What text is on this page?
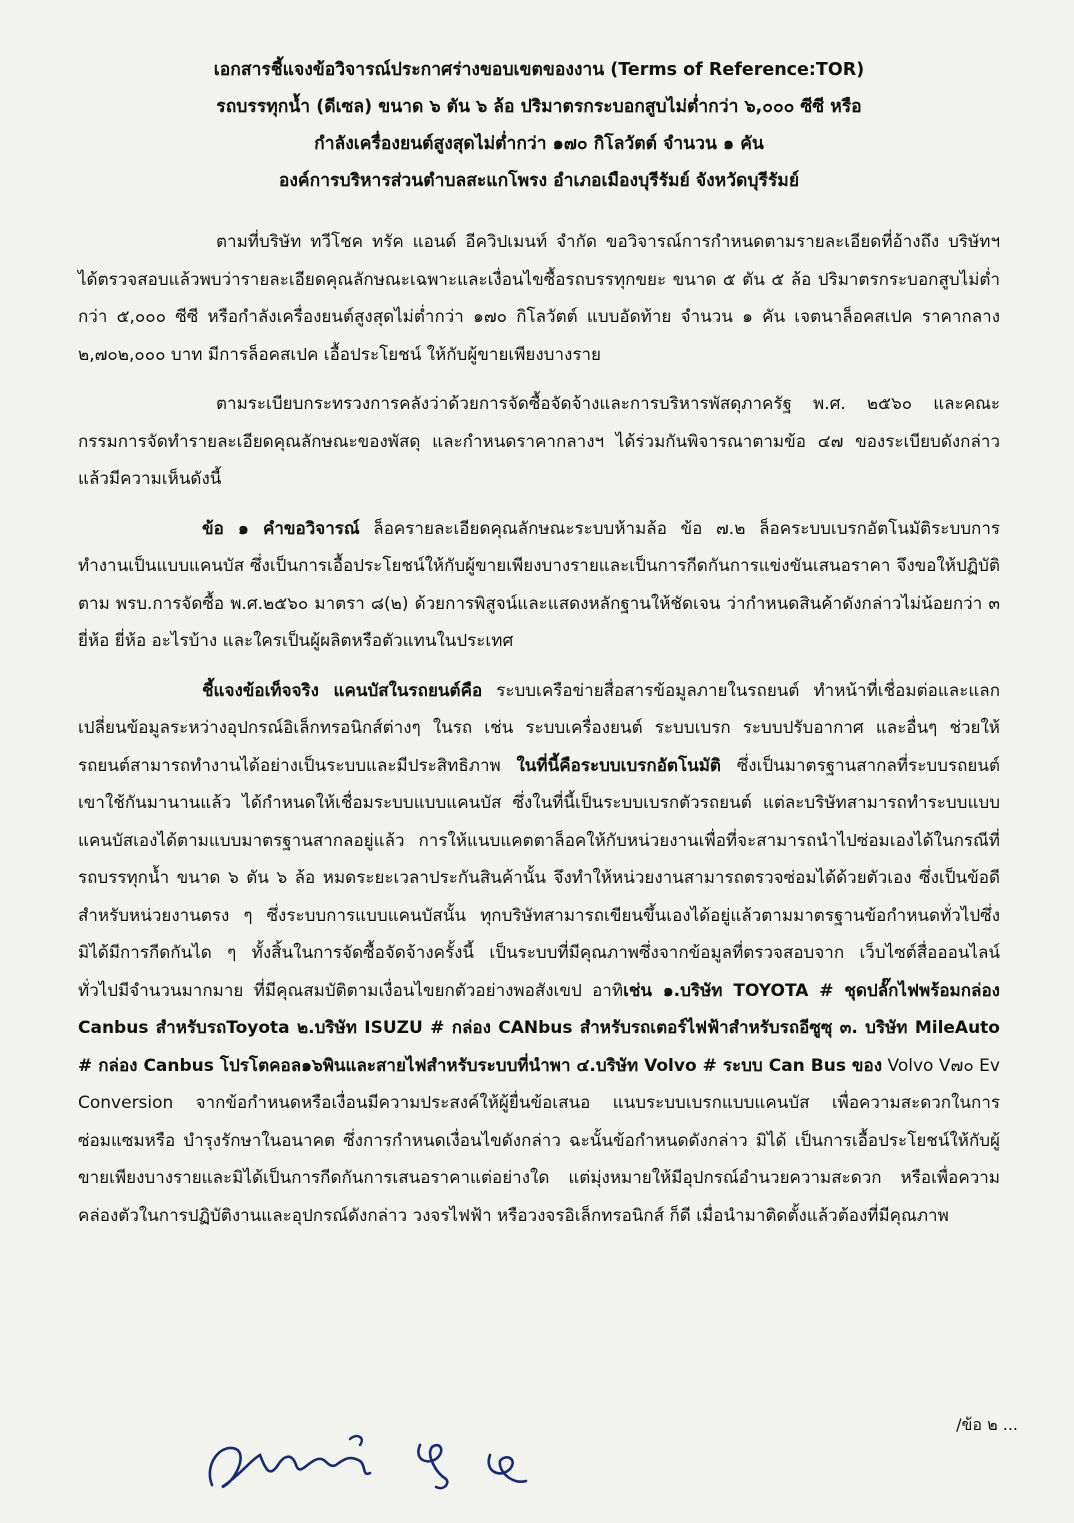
เอกสารชี้แจงข้อวิจารณ์ประกาศร่างขอบเขตของงาน (Terms of Reference:TOR)
รถบรรทุกน้ำ (ดีเซล) ขนาด ๖ ตัน ๖ ล้อ ปริมาตรกระบอกสูบไม่ต่ำกว่า ๖,๐๐๐ ซีซี หรือ
กำลังเครื่องยนต์สูงสุดไม่ต่ำกว่า ๑๗๐ กิโลวัตต์ จำนวน ๑ คัน
องค์การบริหารส่วนตำบลสะแกโพรง อำเภอเมืองบุรีรัมย์ จังหวัดบุรีรัมย์

ตามที่บริษัท ทวีโชค ทรัค แอนด์ อีควิปเมนท์ จำกัด ขอวิจารณ์การกำหนดตามรายละเอียดที่อ้างถึง บริษัทฯ ได้ตรวจสอบแล้วพบว่ารายละเอียดคุณลักษณะเฉพาะและเงื่อนไขซื้อรถบรรทุกขยะ ขนาด ๕ ตัน ๕ ล้อ ปริมาตรกระบอกสูบไม่ต่ำกว่า ๕,๐๐๐ ซีซี หรือกำลังเครื่องยนต์สูงสุดไม่ต่ำกว่า ๑๗๐ กิโลวัตต์ แบบอัดท้าย จำนวน ๑ คัน เจตนาล็อคสเปค ราคากลาง ๒,๗๐๒,๐๐๐ บาท มีการล็อคสเปค เอื้อประโยชน์ ให้กับผู้ขายเพียงบางราย

ตามระเบียบกระทรวงการคลังว่าด้วยการจัดซื้อจัดจ้างและการบริหารพัสดุภาครัฐ พ.ศ. ๒๕๖๐ และคณะกรรมการจัดทำรายละเอียดคุณลักษณะของพัสดุ และกำหนดราคากลางฯ ได้ร่วมกันพิจารณาตามข้อ ๔๗ ของระเบียบดังกล่าวแล้วมีความเห็นดังนี้

ข้อ ๑ คำขอวิจารณ์ ล็อครายละเอียดคุณลักษณะระบบห้ามล้อ ข้อ ๗.๒ ล็อคระบบเบรกอัตโนมัติระบบการทำงานเป็นแบบแคนบัส ซึ่งเป็นการเอื้อประโยชน์ให้กับผู้ขายเพียงบางรายและเป็นการกีดกันการแข่งขันเสนอราคา จึงขอให้ปฏิบัติตาม พรบ.การจัดซื้อ พ.ศ.๒๕๖๐ มาตรา ๘(๒) ด้วยการพิสูจน์และแสดงหลักฐานให้ชัดเจน ว่ากำหนดสินค้าดังกล่าวไม่น้อยกว่า ๓ ยี่ห้อ ยี่ห้อ อะไรบ้าง และใครเป็นผู้ผลิตหรือตัวแทนในประเทศ

ชี้แจงข้อเท็จจริง แคนบัสในรถยนต์คือ ระบบเครือข่ายสื่อสารข้อมูลภายในรถยนต์ ทำหน้าที่เชื่อมต่อและแลกเปลี่ยนข้อมูลระหว่างอุปกรณ์อิเล็กทรอนิกส์ต่างๆ ในรถ เช่น ระบบเครื่องยนต์ ระบบเบรก ระบบปรับอากาศ และอื่นๆ ช่วยให้รถยนต์สามารถทำงานได้อย่างเป็นระบบและมีประสิทธิภาพ ในที่นี้คือระบบเบรกอัตโนมัติ ซึ่งเป็นมาตรฐานสากลที่ระบบรถยนต์เขาใช้กันมานานแล้ว ได้กำหนดให้เชื่อมระบบแบบแคนบัส ซึ่งในที่นี้เป็นระบบเบรกตัวรถยนต์ แต่ละบริษัทสามารถทำระบบแบบแคนบัสเองได้ตามแบบมาตรฐานสากลอยู่แล้ว การให้แนบแคตตาล็อคให้กับหน่วยงานเพื่อที่จะสามารถนำไปซ่อมเองได้ในกรณีที่ รถบรรทุกน้ำ ขนาด ๖ ตัน ๖ ล้อ หมดระยะเวลาประกันสินค้านั้น จึงทำให้หน่วยงานสามารถตรวจซ่อมได้ด้วยตัวเอง ซึ่งเป็นข้อดีสำหรับหน่วยงานตรง ๆ ซึ่งระบบการแบบแคนบัสนั้น ทุกบริษัทสามารถเขียนขึ้นเองได้อยู่แล้วตามมาตรฐานข้อกำหนดทั่วไปซึ่งมิได้มีการกีดกันได ๆ ทั้งสิ้นในการจัดซื้อจัดจ้างครั้งนี้ เป็นระบบที่มีคุณภาพซึ่งจากข้อมูลที่ตรวจสอบจาก เว็บไซต์สื่อออนไลน์ทั่วไปมีจำนวนมากมาย ที่มีคุณสมบัติตามเงื่อนไขยกตัวอย่างพอสังเขป อาทิเช่น ๑.บริษัท TOYOTA # ชุดปลั๊กไฟพร้อมกล่อง Canbus สำหรับรถToyota ๒.บริษัท ISUZU # กล่อง CANbus สำหรับรถเตอร์ไฟฟ้าสำหรับรถอีซูซุ ๓. บริษัท MileAuto # กล่อง Canbus โปรโตคอล๑๖พินและสายไฟสำหรับระบบที่นำพา ๔.บริษัท Volvo # ระบบ Can Bus ของ Volvo V๗๐ Ev Conversion จากข้อกำหนดหรือเงื่อนมีความประสงค์ให้ผู้ยื่นข้อเสนอ แนบระบบเบรกแบบแคนบัส เพื่อความสะดวกในการซ่อมแซมหรือ บำรุงรักษาในอนาคต ซึ่งการกำหนดเงื่อนไขดังกล่าว ฉะนั้นข้อกำหนดดังกล่าว มิได้ เป็นการเอื้อประโยชน์ให้กับผู้ขายเพียงบางรายและมิได้เป็นการกีดกันการเสนอราคาแต่อย่างใด แต่มุ่งหมายให้มีอุปกรณ์อำนวยความสะดวก หรือเพื่อความคล่องตัวในการปฏิบัติงานและอุปกรณ์ดังกล่าว วงจรไฟฟ้า หรือวงจรอิเล็กทรอนิกส์ ก็ดี เมื่อนำมาติดตั้งแล้วต้องที่มีคุณภาพ

/ข้อ ๒ ...
